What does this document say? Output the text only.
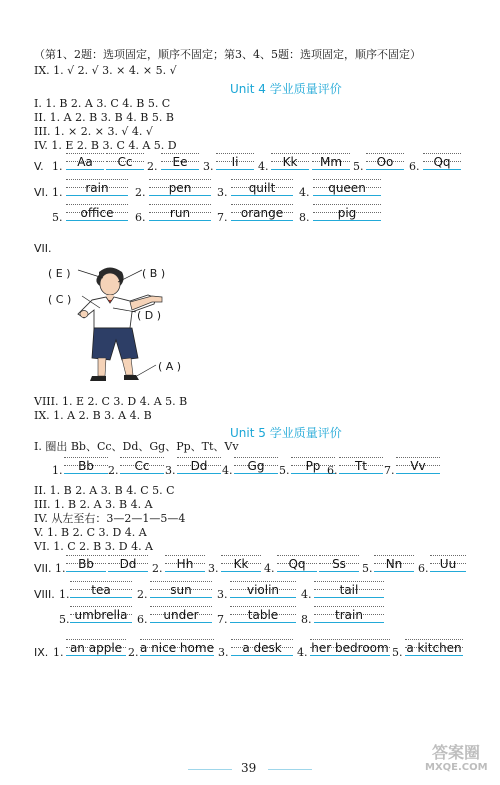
（第1、2题：选项固定，顺序不固定；第3、4、5题：选项固定，顺序不固定）
IX. 1. √ 2. √ 3. × 4. × 5. √
Unit 4 学业质量评价
I. 1. B 2. A 3. C 4. B 5. C
II. 1. A 2. B 3. B 4. B 5. B
III. 1. × 2. × 3. √ 4. √
IV. 1. E 2. B 3. C 4. A 5. D
V. 1.	Aa	Cc	2.	Ee	3.	Ii	4.	Kk	Mm 5.	Oo	6.	Qq
VI. 1.	rain	2.	pen	3.	quilt	4.	queen
5.	office	6.	run	7.	orange	8.	pig
VII.
( E )	( B )
( C )
( D )
( A )
VIII. 1. E 2. C 3. D 4. A 5. B
IX. 1. A 2. B 3. A 4. B
Unit 5 学业质量评价
I. 圈出 Bb、Cc、Dd、Gg、Pp、Tt、Vv
1.	Bb	2.	Cc	3.	Dd	4.	Gg	5.	Pp 6.	Tt	7.	Vv
II. 1. B 2. A 3. B 4. C 5. C
III. 1. B 2. A 3. B 4. A
IV. 从左至右：3—2—1—5—4
V. 1. B 2. C 3. D 4. A
VI. 1. C 2. B 3. D 4. A
VII. 1.	Bb	Dd	2.	Hh	3.	Kk	4.	Qq	Ss	5.	Nn	6. Uu
VIII. 1.	tea	2.	sun	3.	violin	4.	tail
5. umbrella 6.	under	7.	table	8.	train
IX. 1. an apple 2. a nice home 3.	a desk	4. her bedroom 5. a kitchen
39
答案圈
MXQE.COM
